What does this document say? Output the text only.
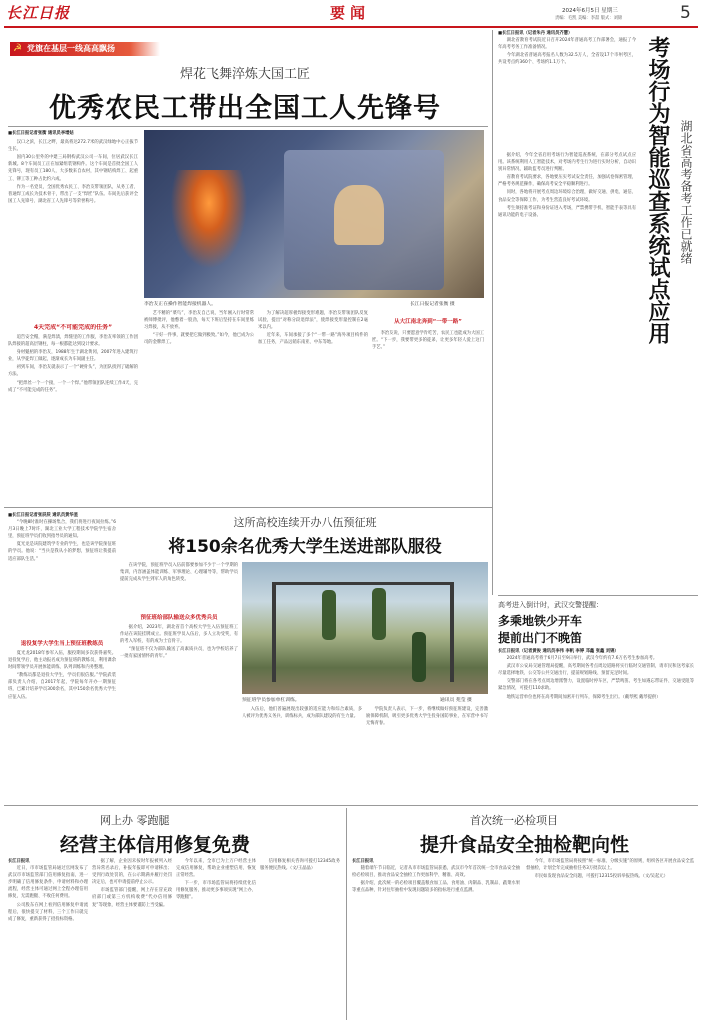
长江日报	要闻	2024年6月5日 星期三
责编：毛凯 美编：李喆 版式：刘锦	5
☭ 党旗在基层一线高高飘扬
焊花飞舞淬炼大国工匠
优秀农民工带出全国工人先锋号
■长江日报记者张衡 通讯员李增姑

汉口之滨，长江之畔，最高将达272.7米的武汉绿地中心正拔节生长。

国内30公里外的中建三局钢构武汉公司一车间，位居武汉长江新城。8个车间员工正在加紧组装钢构件。这个车间是首批全国工人先锋号，现有员工180人，大多数来自农村，其中钢结构焊工、起重工、铆工等工种占比约六成。

作为一名党员，全国优秀农民工、李治友带领团队，从务工者、普通焊工成长为技术骨干，带出了一支“焊匠”队伍。车间先后获评全国工人先锋号、湖北省工人先锋号等荣誉称号。

4天完成“不可能完成的任务”

追告安全帽，满是焊渍，焊缝里的工作服，李治友率领的工作团队焊接的超高层钢柱，每一根都能达到设计要求。

身材魁梧的李治友，1988年生于湖北黄冈，2007年进入建筑行业，从学徒焊工做起，逐渐成长为车间副主任。

初到车间，李治友就表示了一个“硬骨头”，为团队找到了破解的方法。

“把焊丝一个一个接，一个一个焊。”他带领团队连续工作4天，完成了“不可能完成的任务”。

李治友正在操作智能焊接机器人。	长江日报记者张衡 摄

艺不精的“菜鸟”，李治友自己说，当年刚入行时常常被师傅批评，他憋着一股劲，每天下班后坚持在车间里练习焊接，从不放弃。

“干好一件事，就要把它做到极致。”如今，他已成为公司的金牌焊工。

为了解决超厚板焊接变形难题，李治友带领团队反复试验，提出“对称分段退焊法”，使焊接变形量控制在2毫米以内。

近年来，车间承接了多个“一带一路”海外项目构件的加工任务，产品远销东南亚、中东等地。

从大江南北奔到“一带一路”

李治友说，只要愿意学肯吃苦，农民工也能成为大国工匠。“下一步，我要带更多的徒弟，让更多年轻人爱上这门手艺。”

■长江日报讯（记者朱丹 通讯员齐慧）

湖北省教育考试院近日召开2024年普通高考工作部署会，通报了今年高考考务工作准备情况。

今年湖北省普通高考报名人数为32.5万人，全省设17个市州考区，共设考点约360个、考场约1.1万个。	考场行为智能巡查系统试点应用 湖北省高考备考工作已就绪

据介绍，今年全省启用考场行为智能巡查系统，在部分考点试点应用。该系统利用人工智能技术，对考场内考生行为进行实时分析，自动识别异常情况，辅助监考员进行判断。

省教育考试院要求，各地要压实考试安全责任，加强试卷保密管理，严格考务规范操作，确保高考安全平稳顺利进行。

同时，各地将开展考点周边环境综合治理，做好交通、供电、通信、食品安全等保障工作，为考生营造良好考试环境。

考生须持准考证和身份证进入考场，严禁携带手机、智能手表等具有通讯功能的电子设备。

这所高校连续开办八伍预征班
将150余名优秀大学生送进部队服役
■长江日报记者张辰辰 通讯员黄华星

“今晚8时准时在操场集合，我们将进行夜间拉练。”6月3日晚上7时许，湖北工业大学工程技术学院学生宿舍里，预征班学员们收到指导员的通知。

夏光龙是该院建筑学专业的学生，也是该学院预征班的学员。他说：“当兵是我从小的梦想，预征班让我提前适应部队生活。”

退役复学大学生当上预征班教练员

夏光龙2018年参军入伍，服役期间多次获得嘉奖。退役复学后，他主动报名成为预征班的教练员，利用课余时间带领学员开展体能训练、队列训练和内务整理。

“教练员都是退役大学生，学员们很信服。”学院武装部负责人介绍，自2017年起，学院每年开办一期预征班，已累计培养学员300余名，其中150余名优秀大学生应征入伍。

在该学院，预征班学员入伍前都要参加不少于一个学期的集训，内容涵盖体能训练、军事理论、心理辅导等，帮助学员提前完成从学生到军人的角色转变。

预征班给部队输送众多优秀兵员

据介绍，2023年，湖北省首个高校大学生入伍预征班工作站在该院挂牌成立。预征班学员入伍后，多人立功受奖，有的考入军校，有的成为士官骨干。

“预征班不仅为部队输送了高素质兵员，也为学校培养了一批有家国情怀的青年。”

预征班学员参加单杠训练。	通讯员 苑莹 摄

入伍后，他们普遍展现出较强的适应能力和综合素质，多人被评为优秀义务兵、训练标兵，成为部队建设的有生力量。

学院负责人表示，下一步，将继续做好预征班建设，完善激励保障机制，吸引更多优秀大学生投身国防事业，在军营中书写无悔青春。

高考进入倒计时，武汉交警提醒：
多乘地铁少开车
提前出门不晚笛
长江日报讯（记者黄俊 通讯员李伟 李帆 李婷 邓鑫 张鑫 刘锦）

2024年普通高考将于6月7日至9日举行，武汉今年约有7.6万名考生参加高考。

武汉市公安局交通管理局提醒，高考期间各考点周边道路将实行临时交通管制，请市民和送考家长尽量选择地铁、公交等公共交通出行，提前规划路线、预留充足时间。

交警部门将在各考点周边增派警力，设置临时停车区，严禁鸣笛。考生如遇忘带证件、交通受阻等紧急情况，可拨打110求助。

地铁运营单位也将在高考期间加密开行列车，保障考生出行。（戴琴熙 戴琴提供）

网上办 零跑腿
经营主体信用修复免费
长江日报讯

近日，市市场监管局通过官网发布了武汉市市场监管部门信用修复指南，进一步明确了信用修复条件、申请材料和办理流程，经营主体可通过网上全程办理信用修复，无需跑腿、不收任何费用。

公司股东在网上看到信用修复申请流程后，很快提交了材料，三个工作日就完成了修复，重新获得了招投标资格。

据了解，企业因未按时年报被列入经营异常名录后，补报年报即可申请移出；受到行政处罚的，在公示期满并履行处罚决定后，也可申请提前停止公示。

市场监管部门提醒，网上存在冒充政府部门或第三方机构收费“代办信用修复”等现象，经营主体要谨防上当受骗。

今年以来，全市已为上万户经营主体完成信用修复，帮助企业重塑信用、恢复正常经营。

下一步，市市场监管局将持续优化信用修复服务，推动更多事项实现“网上办、零跑腿”。

信用修复相关咨询可拨打12345政务服务便民热线。（文/王晶晶）

首次统一必检项目
提升食品安全抽检靶向性
长江日报讯

随着端午节日临近，记者从市市场监管局获悉，武汉市今年首次统一全市食品安全抽检必检项目，推动食品安全抽检工作更加科学、精准、高效。

据介绍，此次统一的必检项目覆盖粮食加工品、食用油、肉制品、乳制品、蔬菜水果等重点品种，针对往年抽检中发现问题较多的指标进行重点监测。

今年，市市场监管局将按照“统一标准、分级实施”的原则，组织各区开展食品安全监督抽检，计划全年完成抽检任务3万批次以上。

市民如发现食品安全问题，可拨打12315投诉举报热线。（文/吴起元）
